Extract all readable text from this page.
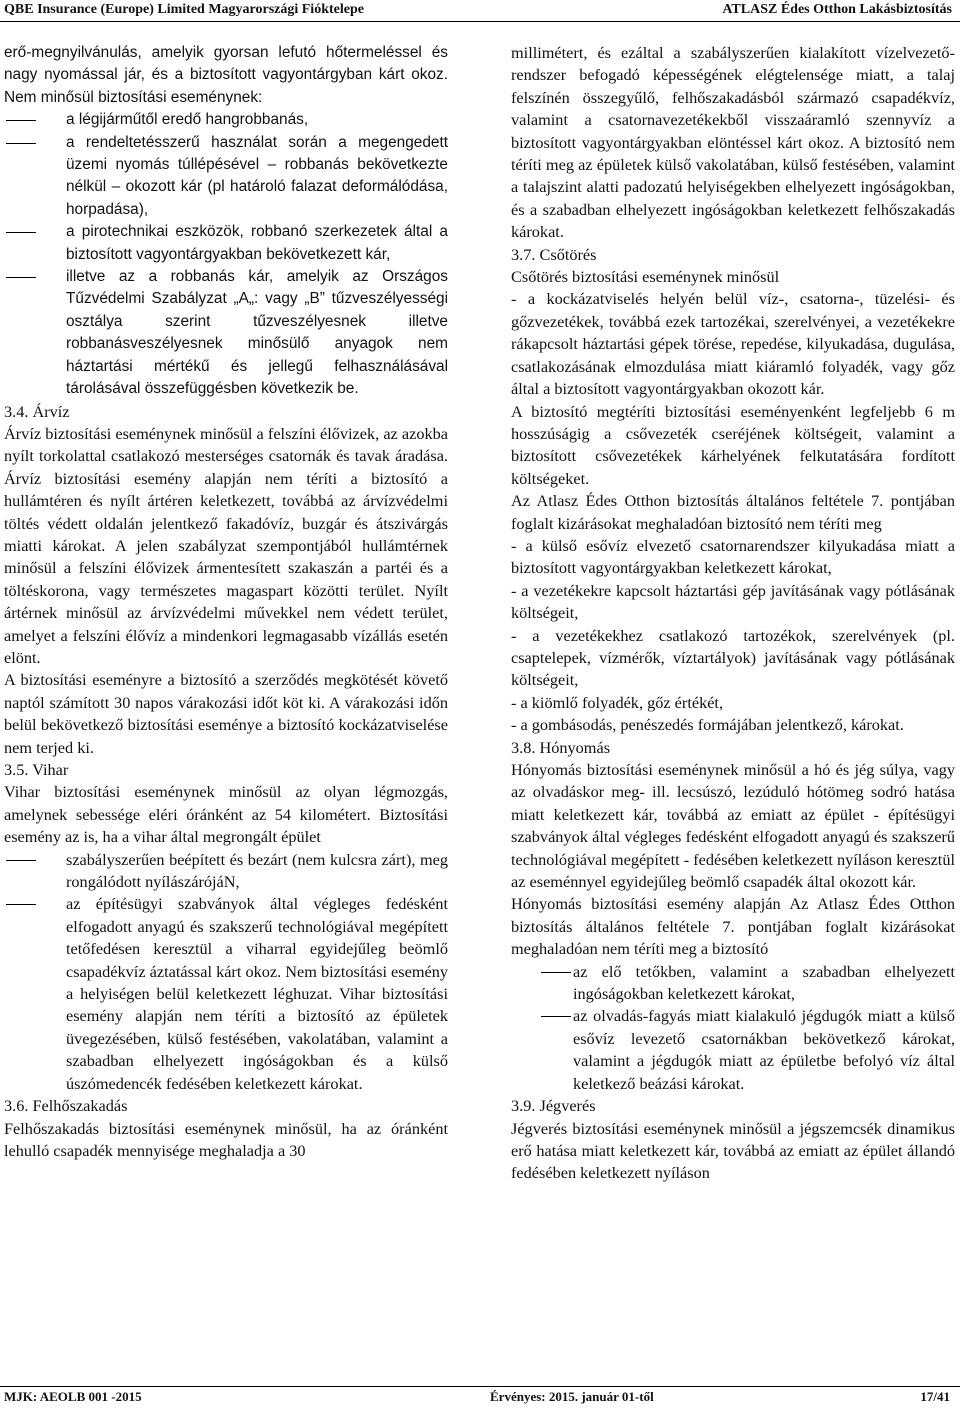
QBE Insurance (Europe) Limited Magyarországi Fióktelepe	ATLASZ Édes Otthon Lakásbiztosítás
erő-megnyilvánulás, amelyik gyorsan lefutó hőtermeléssel és nagy nyomással jár, és a biztosított vagyontárgyban kárt okoz. Nem minősül biztosítási eseménynek:
a légijárműtől eredő hangrobbanás,
a rendeltetésszerű használat során a megengedett üzemi nyomás túllépésével – robbanás bekövetkezte nélkül – okozott kár (pl határoló falazat deformálódása, horpadása),
a pirotechnikai eszközök, robbanó szerkezetek által a biztosított vagyontárgyakban bekövetkezett kár,
illetve az a robbanás kár, amelyik az Országos Tűzvédelmi Szabályzat „A„: vagy „B” tűzveszélyességi osztálya szerint tűzveszélyesnek illetve robbanásveszélyesnek minősülő anyagok nem háztartási mértékű és jellegű felhasználásával tárolásával összefüggésben következik be.
3.4. Árvíz
Árvíz biztosítási eseménynek minősül a felszíni élővizek, az azokba nyílt torkolattal csatlakozó mesterséges csatornák és tavak áradása. Árvíz biztosítási esemény alapján nem téríti a biztosító a hullámtéren és nyílt ártéren keletkezett, továbbá az árvízvédelmi töltés védett oldalán jelentkező fakadóvíz, buzgár és átszivárgás miatti károkat. A jelen szabályzat szempontjából hullámtérnek minősül a felszíni élővizek ármentesített szakaszán a partéi és a töltéskorona, vagy természetes magaspart közötti terület. Nyílt ártérnek minősül az árvízvédelmi művekkel nem védett terület, amelyet a felszíni élővíz a mindenkori legmagasabb vízállás esetén elönt.
A biztosítási eseményre a biztosító a szerződés megkötését követő naptól számított 30 napos várakozási időt köt ki. A várakozási időn belül bekövetkező biztosítási eseménye a biztosító kockázatviselése nem terjed ki.
3.5. Vihar
Vihar biztosítási eseménynek minősül az olyan légmozgás, amelynek sebessége eléri óránként az 54 kilométert. Biztosítási esemény az is, ha a vihar által megrongált épület
szabályszerűen beépített és bezárt (nem kulcsra zárt), meg rongálódott nyílászárójáN,
az építésügyi szabványok által végleges fedésként elfogadott anyagú és szakszerű technológiával megépített tetőfedésen keresztül a viharral egyidejűleg beömlő csapadékvíz áztatással kárt okoz. Nem biztosítási esemény a helyiségen belül keletkezett léghuzat. Vihar biztosítási esemény alapján nem téríti a biztosító az épületek üvegezésében, külső festésében, vakolatában, valamint a szabadban elhelyezett ingóságokban és a külső úszómedencék fedésében keletkezett károkat.
3.6. Felhőszakadás
Felhőszakadás biztosítási eseménynek minősül, ha az óránként lehulló csapadék mennyisége meghaladja a 30
millimétert, és ezáltal a szabályszerűen kialakított vízelvezető-rendszer befogadó képességének elégtelensége miatt, a talaj felszínén összegyűlő, felhőszakadásból származó csapadékvíz, valamint a csatornavezetékekből visszaáramló szennyvíz a biztosított vagyontárgyakban elöntéssel kárt okoz. A biztosító nem téríti meg az épületek külső vakolatában, külső festésében, valamint a talajszint alatti padozatú helyiségekben elhelyezett ingóságokban, és a szabadban elhelyezett ingóságokban keletkezett felhőszakadás károkat.
3.7. Csőtörés
Csőtörés biztosítási eseménynek minősül
- a kockázatviselés helyén belül víz-, csatorna-, tüzelési- és gőzvezetékek, továbbá ezek tartozékai, szerelvényei, a vezetékekre rákapcsolt háztartási gépek törése, repedése, kilyukadása, dugulása, csatlakozásának elmozdulása miatt kiáramló folyadék, vagy gőz által a biztosított vagyontárgyakban okozott kár.
A biztosító megtéríti biztosítási eseményenként legfeljebb 6 m hosszúságig a csővezeték cseréjének költségeit, valamint a biztosított csővezetékek kárhelyének felkutatására fordított költségeket.
Az Atlasz Édes Otthon biztosítás általános feltétele 7. pontjában foglalt kizárásokat meghaladóan biztosító nem téríti meg
- a külső esővíz elvezető csatornarendszer kilyukadása miatt a biztosított vagyontárgyakban keletkezett károkat,
- a vezetékekre kapcsolt háztartási gép javításának vagy pótlásának költségeit,
- a vezetékekhez csatlakozó tartozékok, szerelvények (pl. csaptelepek, vízmérők, víztartályok) javításának vagy pótlásának költségeit,
- a kiömlő folyadék, gőz értékét,
- a gombásodás, penészedés formájában jelentkező, károkat.
3.8. Hónyomás
Hónyomás biztosítási eseménynek minősül a hó és jég súlya, vagy az olvadáskor meg- ill. lecsúszó, lezúduló hótömeg sodró hatása miatt keletkezett kár, továbbá az emiatt az épület - építésügyi szabványok által végleges fedésként elfogadott anyagú és szakszerű technológiával megépített - fedésében keletkezett nyíláson keresztül az eseménnyel egyidejűleg beömlő csapadék által okozott kár.
Hónyomás biztosítási esemény alapján Az Atlasz Édes Otthon biztosítás általános feltétele 7. pontjában foglalt kizárásokat meghaladóan nem téríti meg a biztosító
az elő tetőkben, valamint a szabadban elhelyezett ingóságokban keletkezett károkat,
az olvadás-fagyás miatt kialakuló jégdugók miatt a külső esővíz levezető csatornákban bekövetkező károkat, valamint a jégdugók miatt az épületbe befolyó víz által keletkező beázási károkat.
3.9. Jégverés
Jégverés biztosítási eseménynek minősül a jégszemcsék dinamikus erő hatása miatt keletkezett kár, továbbá az emiatt az épület állandó fedésében keletkezett nyíláson
MJK: AEOLB 001 -2015	Érvényes: 2015. január 01-től	17/41
